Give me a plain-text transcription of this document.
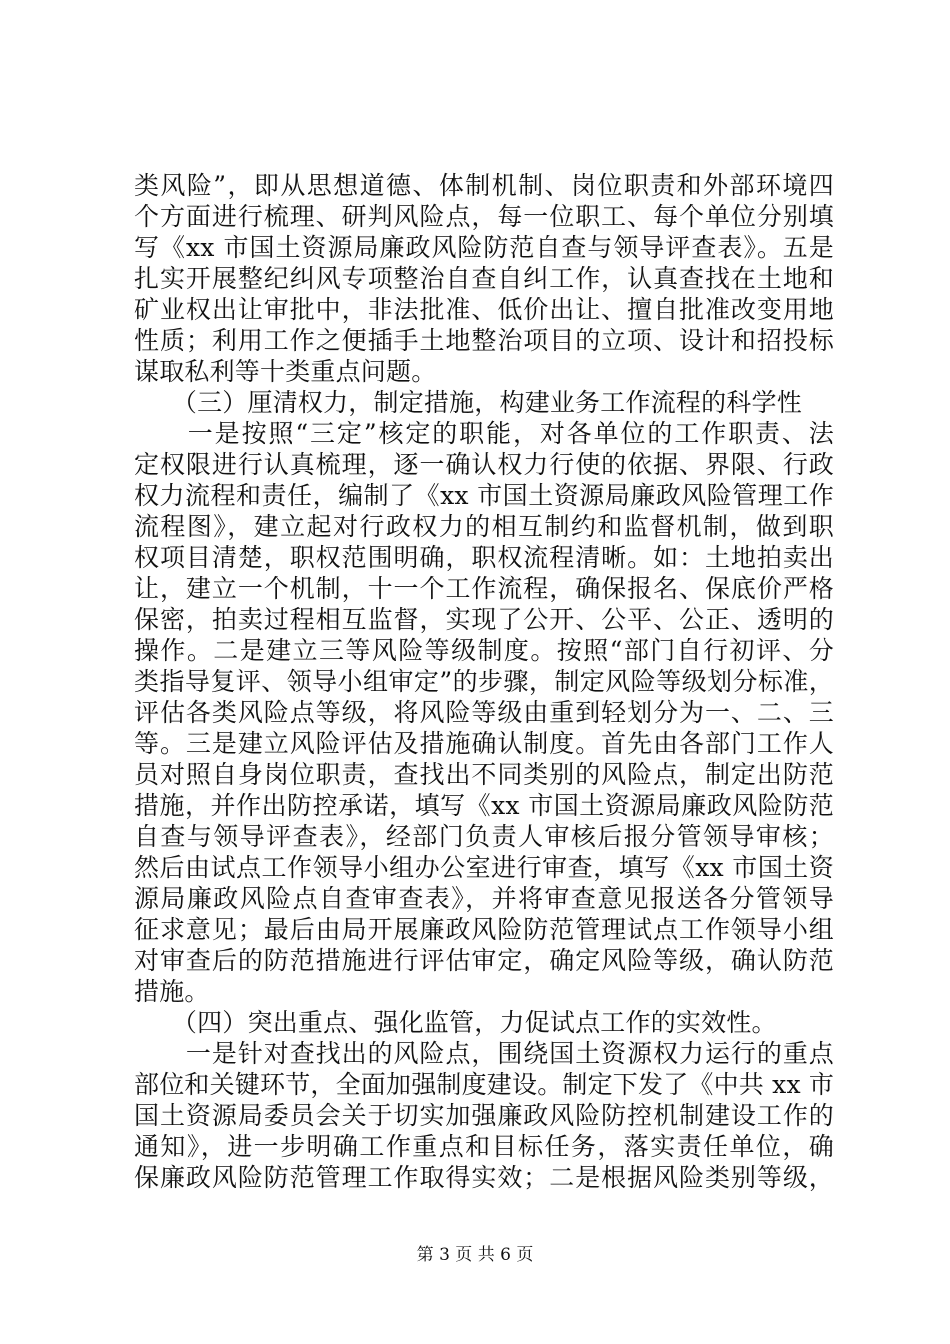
类风险”，即从思想道德、体制机制、岗位职责和外部环境四
个方面进行梳理、研判风险点，每一位职工、每个单位分别填
写《xx 市国土资源局廉政风险防范自查与领导评查表》。五是
扎实开展整纪纠风专项整治自查自纠工作，认真查找在土地和
矿业权出让审批中，非法批准、低价出让、擅自批准改变用地
性质；利用工作之便插手土地整治项目的立项、设计和招投标
谋取私利等十类重点问题。
　　（三）厘清权力，制定措施，构建业务工作流程的科学性
　　一是按照“三定”核定的职能，对各单位的工作职责、法
定权限进行认真梳理，逐一确认权力行使的依据、界限、行政
权力流程和责任，编制了《xx 市国土资源局廉政风险管理工作
流程图》，建立起对行政权力的相互制约和监督机制，做到职
权项目清楚，职权范围明确，职权流程清晰。如：土地拍卖出
让，建立一个机制，十一个工作流程，确保报名、保底价严格
保密，拍卖过程相互监督，实现了公开、公平、公正、透明的
操作。二是建立三等风险等级制度。按照“部门自行初评、分
类指导复评、领导小组审定”的步骤，制定风险等级划分标准，
评估各类风险点等级，将风险等级由重到轻划分为一、二、三
等。三是建立风险评估及措施确认制度。首先由各部门工作人
员对照自身岗位职责，查找出不同类别的风险点，制定出防范
措施，并作出防控承诺，填写《xx 市国土资源局廉政风险防范
自查与领导评查表》，经部门负责人审核后报分管领导审核；
然后由试点工作领导小组办公室进行审查，填写《xx 市国土资
源局廉政风险点自查审查表》，并将审查意见报送各分管领导
征求意见；最后由局开展廉政风险防范管理试点工作领导小组
对审查后的防范措施进行评估审定，确定风险等级，确认防范
措施。
　　（四）突出重点、强化监管，力促试点工作的实效性。
　　一是针对查找出的风险点，围绕国土资源权力运行的重点
部位和关键环节，全面加强制度建设。制定下发了《中共 xx 市
国土资源局委员会关于切实加强廉政风险防控机制建设工作的
通知》，进一步明确工作重点和目标任务，落实责任单位，确
保廉政风险防范管理工作取得实效；二是根据风险类别等级，
第 3 页 共 6 页
